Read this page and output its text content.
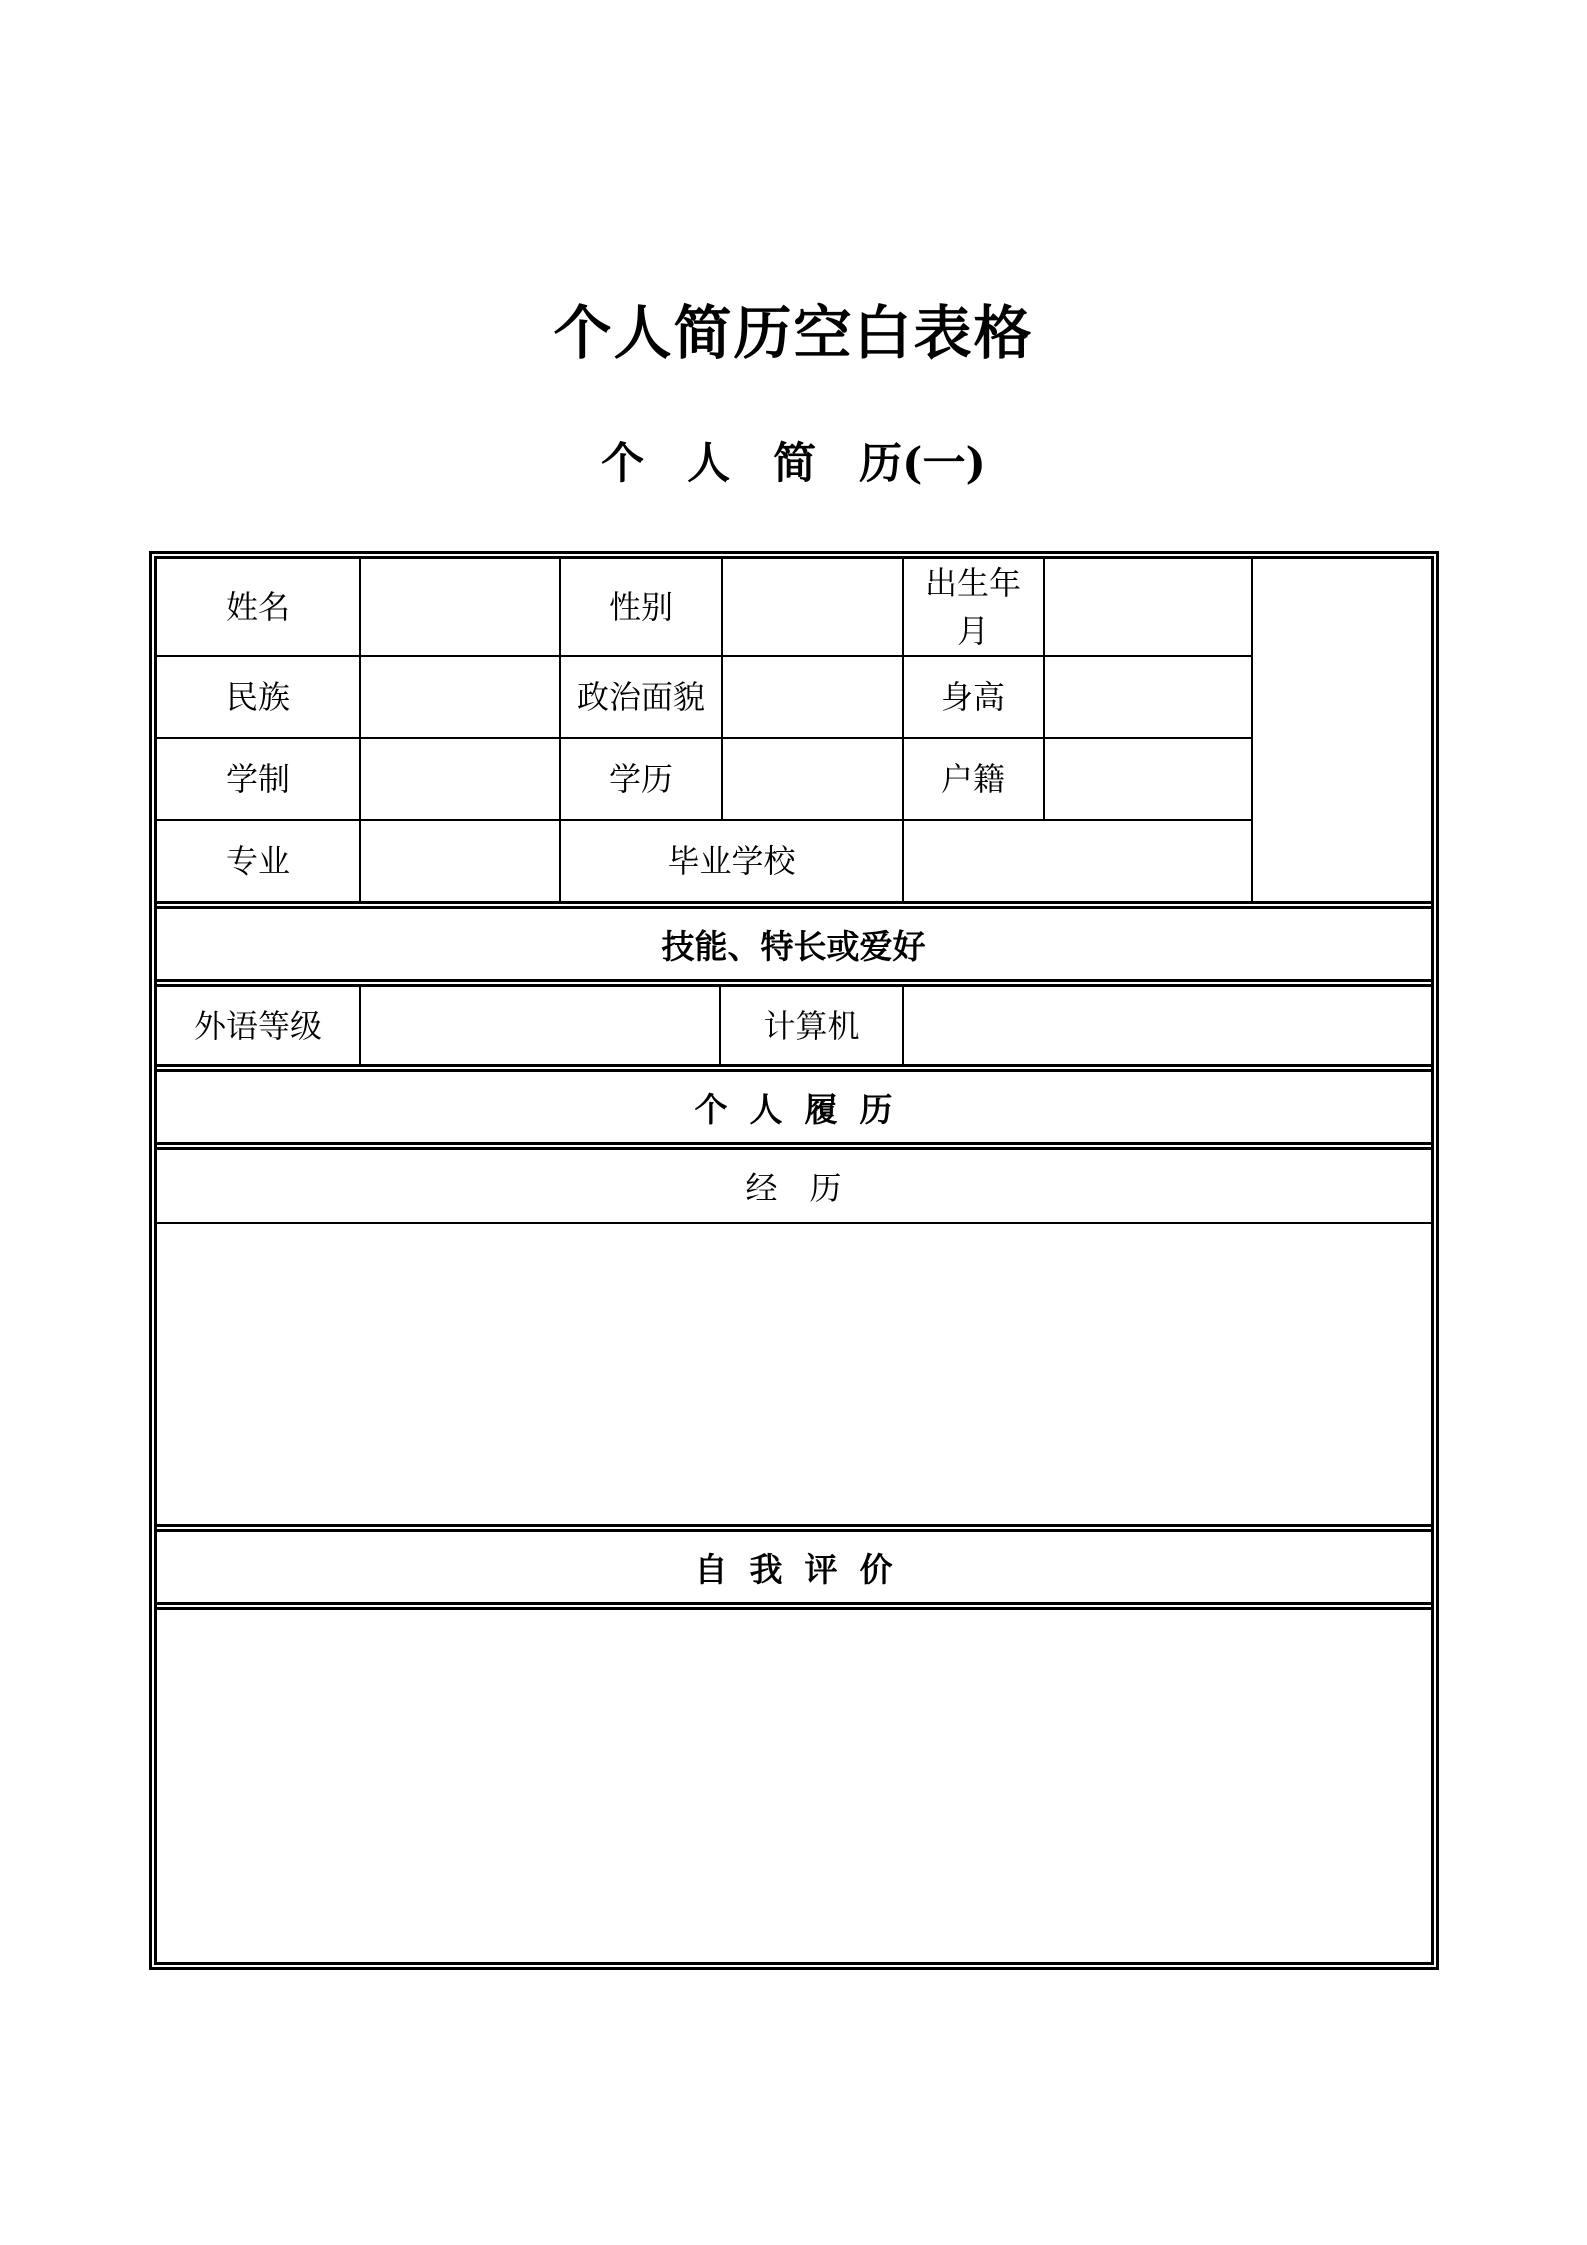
个人简历空白表格
个　人　简　历(一)
姓名		性别		出生年月		
民族		政治面貌		身高		
学制		学历		户籍		
专业		毕业学校				
技能、特长或爱好
外语等级		计算机	
个人履历
经　历
自我评价
